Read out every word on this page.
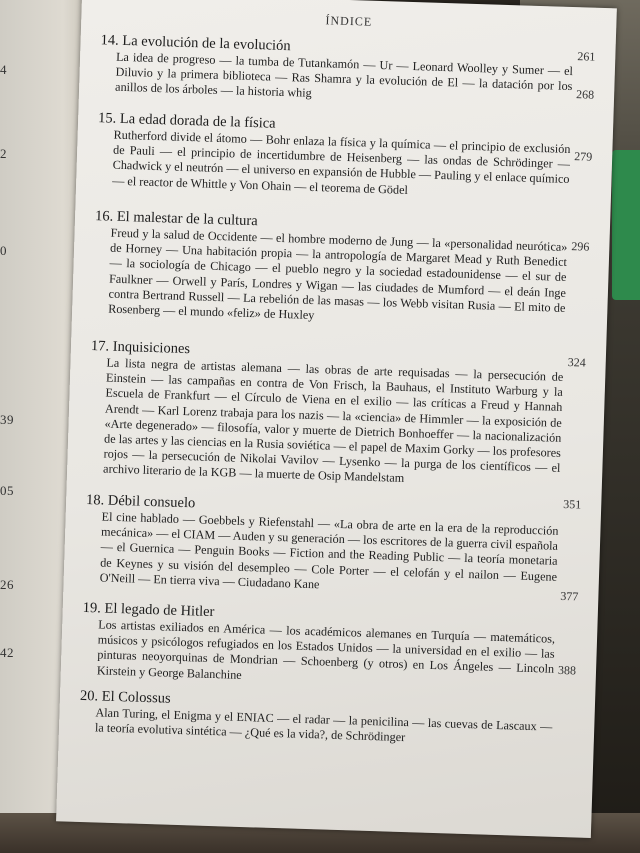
4
2
0
39
05
26
42
ÍNDICE
14. La evolución de la evolución
261
268

La idea de progreso — la tumba de Tutankamón — Ur — Leonard Woolley y Sumer — el Diluvio y la primera biblioteca — Ras Shamra y la evolución de El — la datación por los anillos de los árboles — la historia whig

15. La edad dorada de la física
279

Rutherford divide el átomo — Bohr enlaza la física y la química — el principio de exclusión de Pauli — el principio de incertidumbre de Heisenberg — las ondas de Schrödinger — Chadwick y el neutrón — el universo en expansión de Hubble — Pauling y el enlace químico — el reactor de Whittle y Von Ohain — el teorema de Gödel

16. El malestar de la cultura
296

Freud y la salud de Occidente — el hombre moderno de Jung — la «personalidad neurótica» de Horney — Una habitación propia — la antropología de Margaret Mead y Ruth Benedict — la sociología de Chicago — el pueblo negro y la sociedad estadounidense — el sur de Faulkner — Orwell y París, Londres y Wigan — las ciudades de Mumford — el deán Inge contra Bertrand Russell — La rebelión de las masas — los Webb visitan Rusia — El mito de Rosenberg — el mundo «feliz» de Huxley

17. Inquisiciones
324

La lista negra de artistas alemana — las obras de arte requisadas — la persecución de Einstein — las campañas en contra de Von Frisch, la Bauhaus, el Instituto Warburg y la Escuela de Frankfurt — el Círculo de Viena en el exilio — las críticas a Freud y Hannah Arendt — Karl Lorenz trabaja para los nazis — la «ciencia» de Himmler — la exposición de «Arte degenerado» — filosofía, valor y muerte de Dietrich Bonhoeffer — la nacionalización de las artes y las ciencias en la Rusia soviética — el papel de Maxim Gorky — los profesores rojos — la persecución de Nikolai Vavilov — Lysenko — la purga de los científicos — el archivo literario de la KGB — la muerte de Osip Mandelstam

18. Débil consuelo	351

El cine hablado — Goebbels y Riefenstahl — «La obra de arte en la era de la reproducción mecánica» — el CIAM — Auden y su generación — los escritores de la guerra civil española — el Guernica — Penguin Books — Fiction and the Reading Public — la teoría monetaria de Keynes y su visión del desempleo — Cole Porter — el celofán y el nailon — Eugene O'Neill — En tierra viva — Ciudadano Kane

19. El legado de Hitler
377

Los artistas exiliados en América — los académicos alemanes en Turquía — matemáticos, músicos y psicólogos refugiados en los Estados Unidos — la universidad en el exilio — las pinturas neoyorquinas de Mondrian — Schoenberg (y otros) en Los Ángeles — Lincoln Kirstein y George Balanchine

20. El Colossus
388

Alan Turing, el Enigma y el ENIAC — el radar — la penicilina — las cuevas de Lascaux — la teoría evolutiva sintética — ¿Qué es la vida?, de Schrödinger
